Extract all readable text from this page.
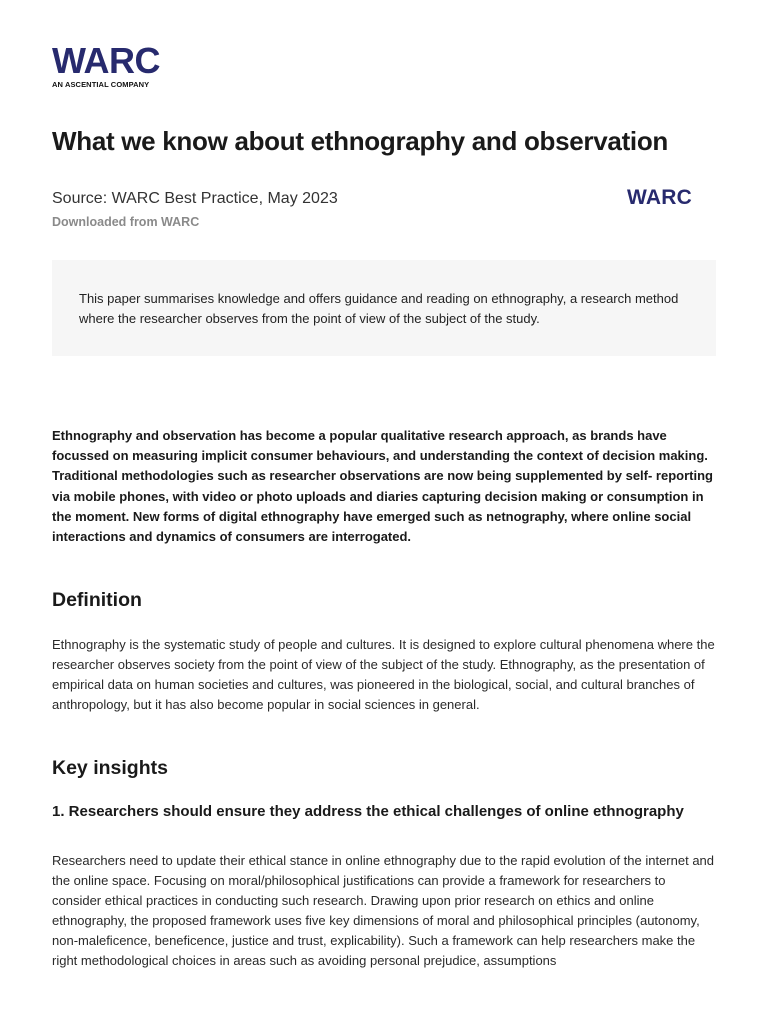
WARC
AN ASCENTIAL COMPANY
What we know about ethnography and observation
Source: WARC Best Practice, May 2023
Downloaded from WARC
WARC

This paper summarises knowledge and offers guidance and reading on ethnography, a research method where the researcher observes from the point of view of the subject of the study.

Ethnography and observation has become a popular qualitative research approach, as brands have focussed on measuring implicit consumer behaviours, and understanding the context of decision making. Traditional methodologies such as researcher observations are now being supplemented by self- reporting via mobile phones, with video or photo uploads and diaries capturing decision making or consumption in the moment. New forms of digital ethnography have emerged such as netnography, where online social interactions and dynamics of consumers are interrogated.

Definition

Ethnography is the systematic study of people and cultures. It is designed to explore cultural phenomena where the researcher observes society from the point of view of the subject of the study. Ethnography, as the presentation of empirical data on human societies and cultures, was pioneered in the biological, social, and cultural branches of anthropology, but it has also become popular in social sciences in general.

Key insights
1. Researchers should ensure they address the ethical challenges of online ethnography

Researchers need to update their ethical stance in online ethnography due to the rapid evolution of the internet and the online space. Focusing on moral/philosophical justifications can provide a framework for researchers to consider ethical practices in conducting such research. Drawing upon prior research on ethics and online ethnography, the proposed framework uses five key dimensions of moral and philosophical principles (autonomy, non-maleficence, beneficence, justice and trust, explicability). Such a framework can help researchers make the right methodological choices in areas such as avoiding personal prejudice, assumptions
